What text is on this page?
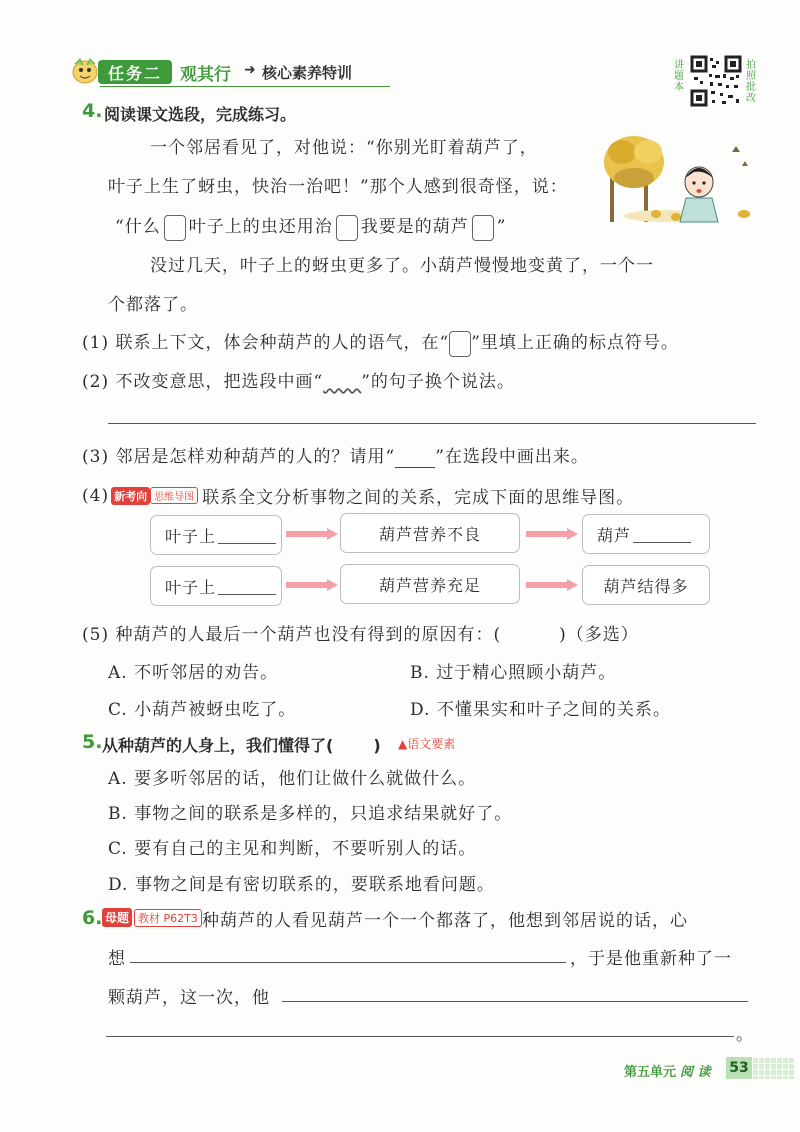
任务二	观其行 ➜ 核心素养特训	讲题本
拍照批改
4. 阅读课文选段，完成练习。
一个邻居看见了，对他说：“你别光盯着葫芦了，
叶子上生了蚜虫，快治一治吧！”那个人感到很奇怪，说：
“什么 叶子上的虫还用治 我要是的葫芦 ”
没过几天，叶子上的蚜虫更多了。小葫芦慢慢地变黄了，一个一
个都落了。
(1) 联系上下文，体会种葫芦的人的语气，在“ ”里填上正确的标点符号。
(2) 不改变意思，把选段中画“ ”的句子换个说法。
(3) 邻居是怎样劝种葫芦的人的？请用“ ”在选段中画出来。
(4) 新考向 思维导图 联系全文分析事物之间的关系，完成下面的思维导图。
叶子上	葫芦营养不良	葫芦
叶子上	葫芦营养充足	葫芦结得多
(5) 种葫芦的人最后一个葫芦也没有得到的原因有：(	)（多选）
A. 不听邻居的劝告。	B. 过于精心照顾小葫芦。
C. 小葫芦被蚜虫吃了。	D. 不懂果实和叶子之间的关系。
5. 从种葫芦的人身上，我们懂得了(	) ▲语文要素
A. 要多听邻居的话，他们让做什么就做什么。
B. 事物之间的联系是多样的，只追求结果就好了。
C. 要有自己的主见和判断，不要听别人的话。
D. 事物之间是有密切联系的，要联系地看问题。
6. 母题 教材 P62T3 种葫芦的人看见葫芦一个一个都落了，他想到邻居说的话，心
想	，于是他重新种了一
颗葫芦，这一次，他
。
第五单元 阅 读 53
